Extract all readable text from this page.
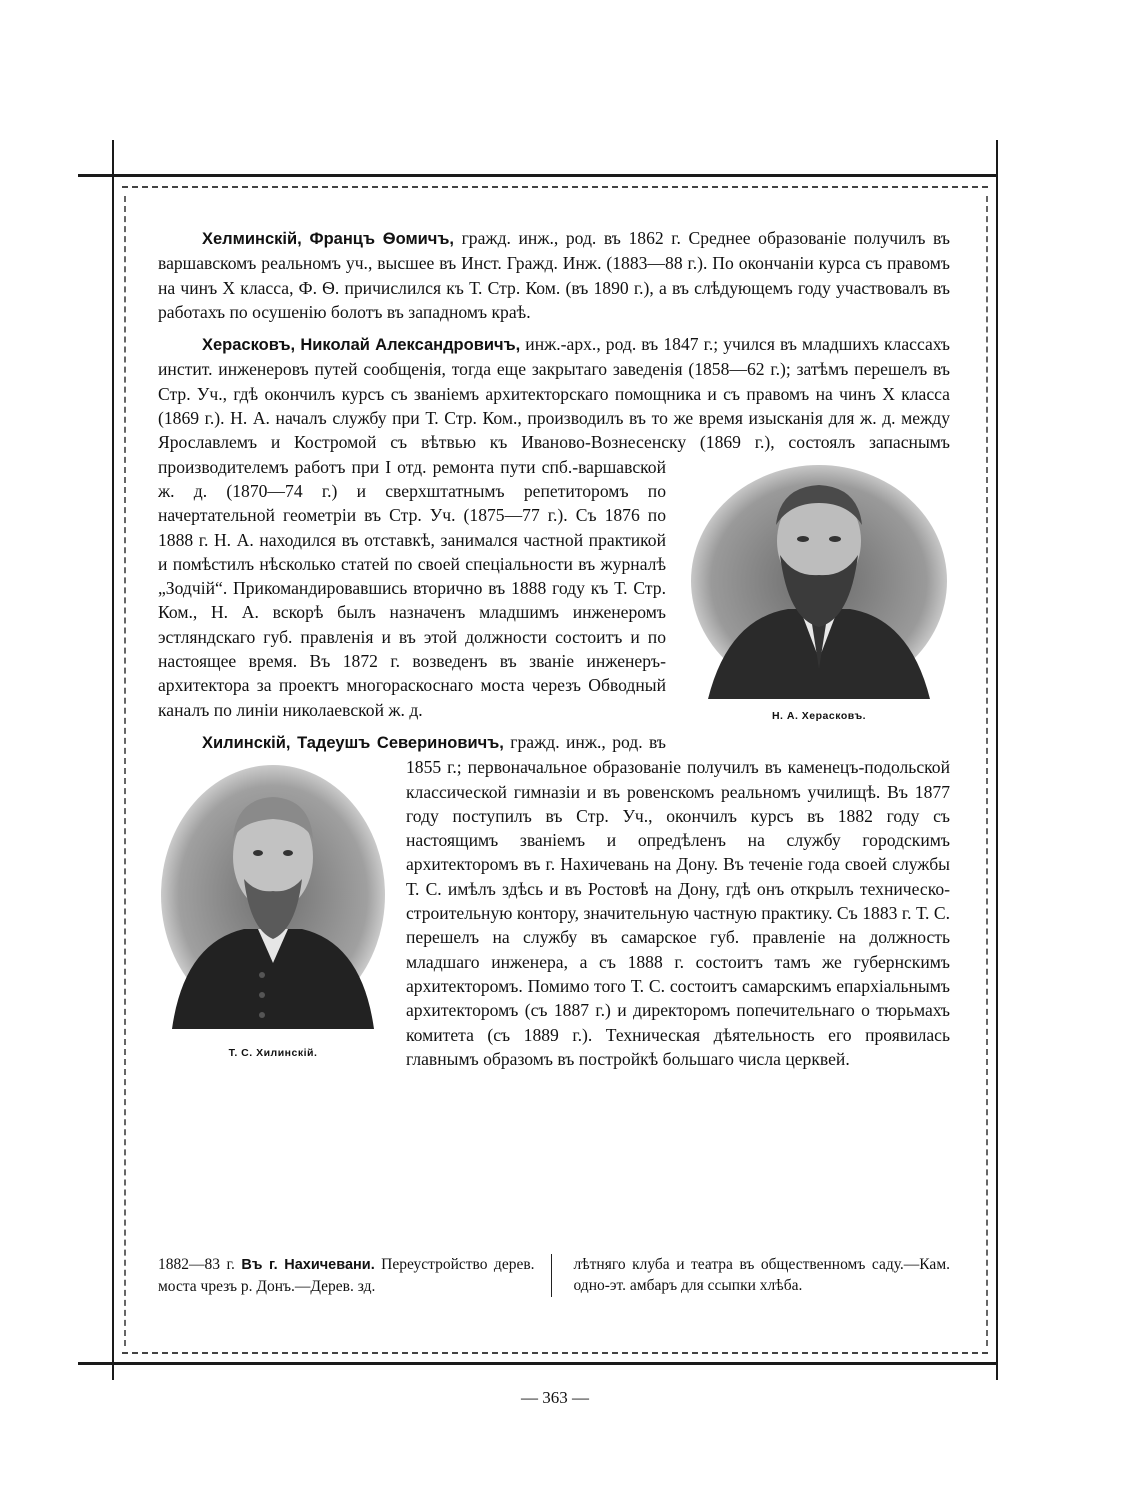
Хелминскій, Францъ Ѳомичъ, гражд. инж., род. въ 1862 г. Среднее образованіе получилъ въ варшавскомъ реальномъ уч., высшее въ Инст. Гражд. Инж. (1883—88 г.). По окончаніи курса съ правомъ на чинъ X класса, Ф. Ѳ. причислился къ Т. Стр. Ком. (въ 1890 г.), а въ слѣдующемъ году участвовалъ въ работахъ по осушенію болотъ въ западномъ краѣ.

Херасковъ, Николай Александровичъ, инж.-арх., род. въ 1847 г.; учился въ младшихъ классахъ инстит. инженеровъ путей сообщенія, тогда еще закрытаго заведенія (1858—62 г.); затѣмъ перешелъ въ Стр. Уч., гдѣ окончилъ курсъ съ званіемъ архитекторскаго помощника и съ правомъ на чинъ X класса (1869 г.). Н. А. началъ службу при Т. Стр. Ком., производилъ въ то же время изысканія для ж. д. между Ярославлемъ и Костромой съ вѣтвью къ Иваново-Вознесенску (1869 г.), состоялъ запаснымъ производителемъ работъ при I отд.
Н. А. Херасковъ.
ремонта пути спб.-варшавской ж. д. (1870—74 г.) и сверхштатнымъ репетиторомъ по начертательной геометріи въ Стр. Уч. (1875—77 г.). Съ 1876 по 1888 г. Н. А. находился въ отставкѣ, занимался частной практикой и помѣстилъ нѣсколько статей по своей спеціальности въ журналѣ „Зодчій“. Прикомандировавшись вторично въ 1888 году къ Т. Стр. Ком., Н. А. вскорѣ былъ назначенъ младшимъ инженеромъ эстляндскаго губ. правленія и въ этой должности состоитъ и по настоящее время. Въ 1872 г. возведенъ въ званіе инженеръ-архитектора за проектъ многораскоснаго моста черезъ Обводный каналъ по линіи николаевской ж. д.

Хилинскій, Тадеушъ Севериновичъ, гражд. инж., род. въ 1855 г.; первоначальное образованіе получилъ въ
Т. С. Хилинскій.
каменецъ-подольской классической гимназіи и въ ровенскомъ реальномъ училищѣ. Въ 1877 году поступилъ въ Стр. Уч., окончилъ курсъ въ 1882 году съ настоящимъ званіемъ и опредѣленъ на службу городскимъ архитекторомъ въ г. Нахичевань на Дону. Въ теченіе года своей службы Т. С. имѣлъ здѣсь и въ Ростовѣ на Дону, гдѣ онъ открылъ техническо-строительную контору, значительную частную практику. Съ 1883 г. Т. С. перешелъ на службу въ самарское губ. правленіе на должность младшаго инженера, а съ 1888 г. состоитъ тамъ же губернскимъ архитекторомъ. Помимо того Т. С. состоитъ самарскимъ епархіальнымъ архитекторомъ (съ 1887 г.) и директоромъ попечительнаго о тюрьмахъ комитета (съ 1889 г.). Техническая дѣятельность его проявилась главнымъ образомъ въ постройкѣ большаго числа церквей.

1882—83 г. Въ г. Нахичевани. Переустройство дерев. моста чрезъ р. Донъ.—Дерев. зд.
лѣтняго клуба и театра въ общественномъ саду.—Кам. одно-эт. амбаръ для ссыпки хлѣба.
— 363 —
